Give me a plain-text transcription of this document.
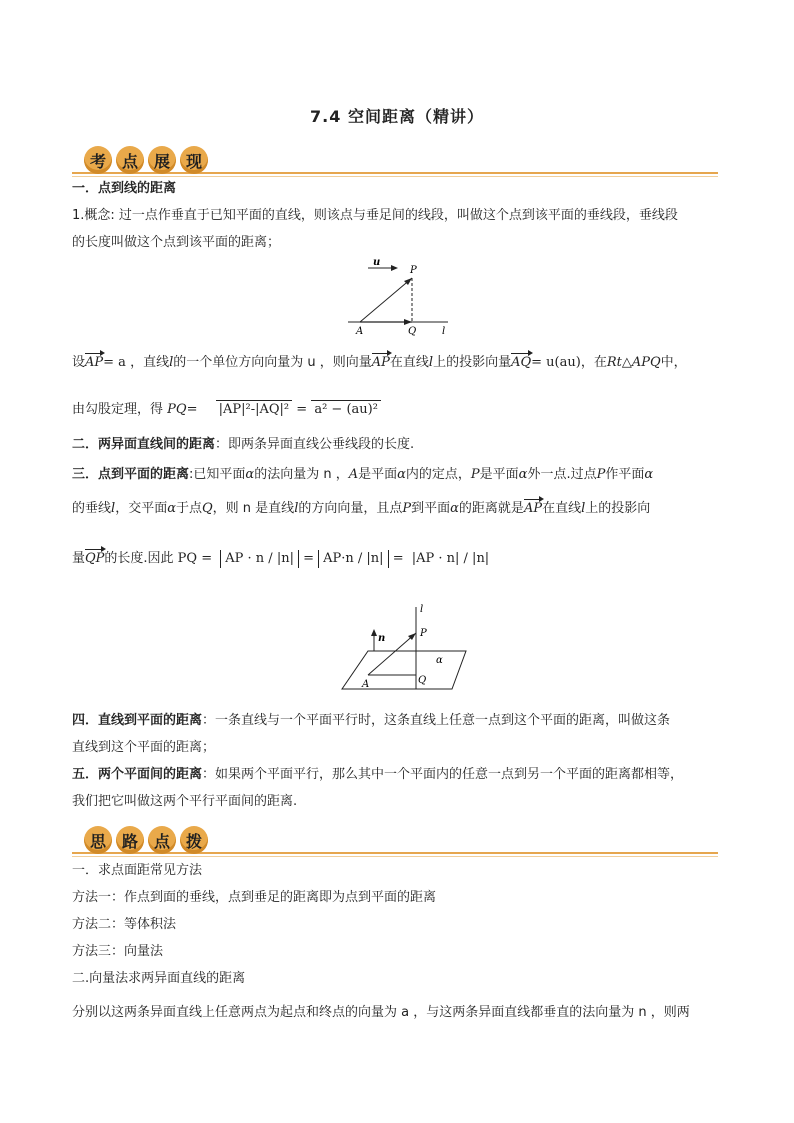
7.4 空间距离（精讲）
考 点 展 现
一．点到线的距离
1.概念: 过一点作垂直于已知平面的直线，则该点与垂足间的线段，叫做这个点到该平面的垂线段，垂线段
的长度叫做这个点到该平面的距离；
u
P
A	Q	l
设AP= a ，直线l的一个单位方向向量为 u ，则向量AP在直线l上的投影向量AQ= u(au)，在Rt△APQ中，
由勾股定理，得 PQ= |AP|²-|AQ|² = a² − (au)²
二．两异面直线间的距离：即两条异面直线公垂线段的长度.
三．点到平面的距离:已知平面α的法向量为 n ，A是平面α内的定点，P是平面α外一点.过点P作平面α
的垂线l，交平面α于点Q，则 n 是直线l的方向向量，且点P到平面α的距离就是AP在直线l上的投影向
量QP的长度.因此 PQ = AP · n / |n| = AP·n / |n| = |AP · n| / |n|
l
n	P
α
A	Q
四．直线到平面的距离：一条直线与一个平面平行时，这条直线上任意一点到这个平面的距离，叫做这条
直线到这个平面的距离；
五．两个平面间的距离：如果两个平面平行，那么其中一个平面内的任意一点到另一个平面的距离都相等，
我们把它叫做这两个平行平面间的距离.
思 路 点 拨
一．求点面距常见方法
方法一：作点到面的垂线，点到垂足的距离即为点到平面的距离
方法二：等体积法
方法三：向量法
二.向量法求两异面直线的距离
分别以这两条异面直线上任意两点为起点和终点的向量为 a ，与这两条异面直线都垂直的法向量为 n ，则两
